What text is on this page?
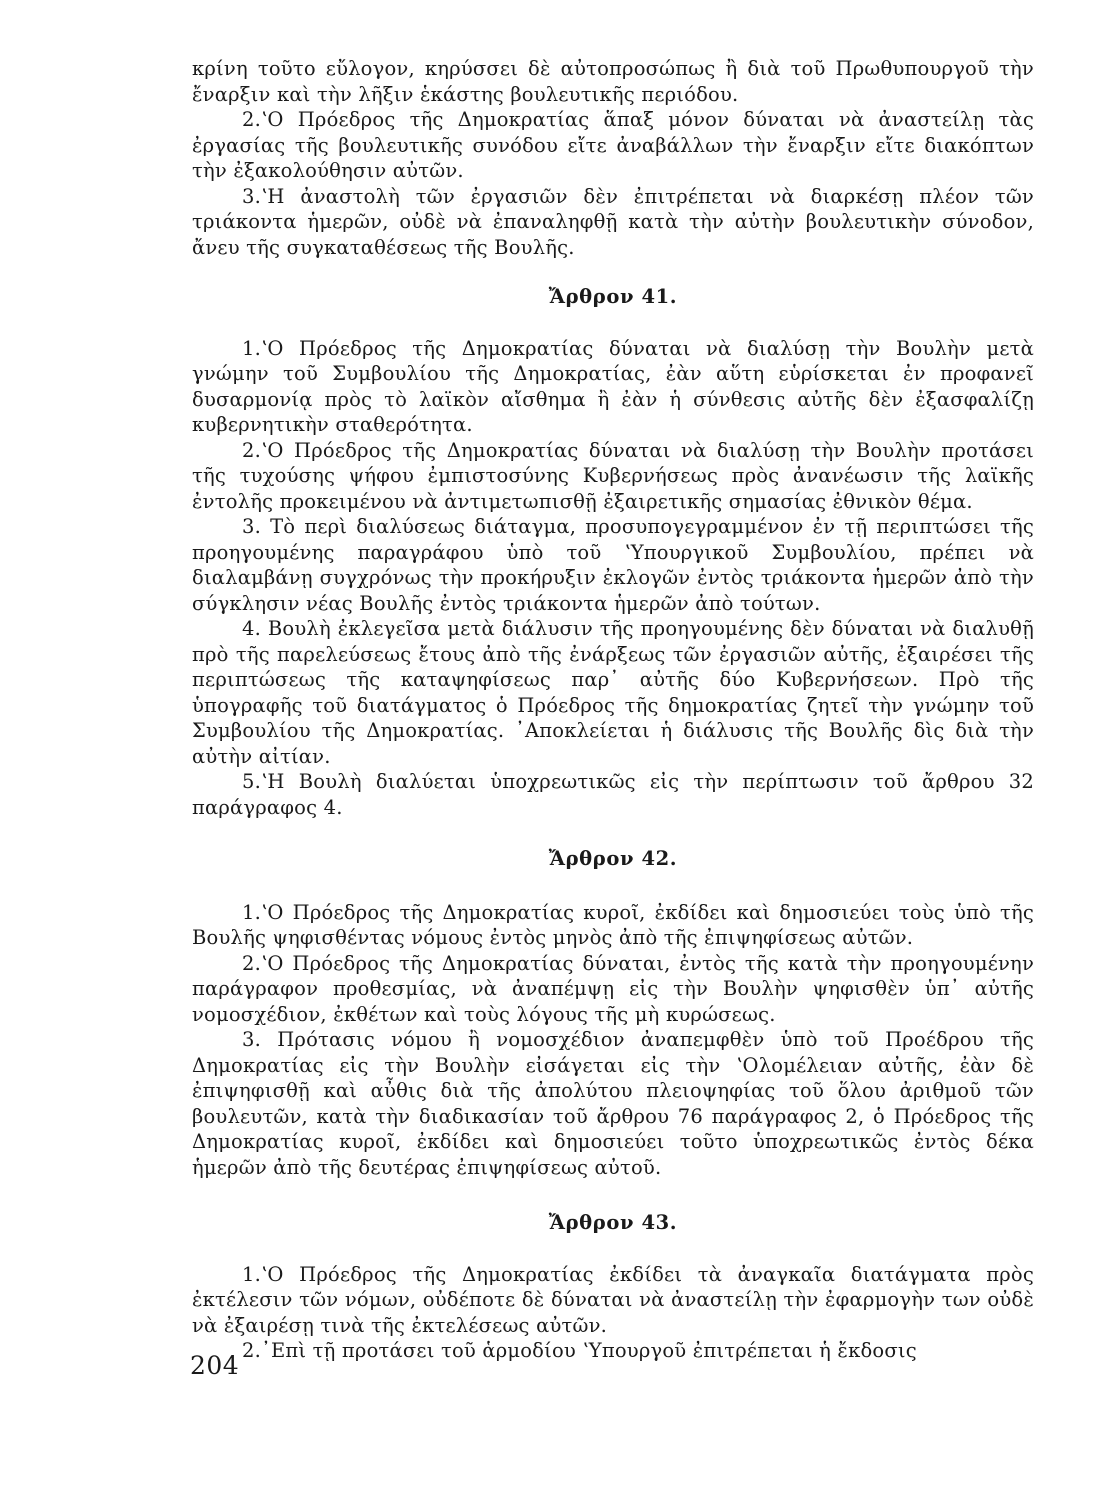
κρίνη τοῦτο εὔλογον, κηρύσσει δὲ αὐτοπροσώπως ἢ διὰ τοῦ Πρωθυπουργοῦ τὴν ἔναρξιν καὶ τὴν λῆξιν ἑκάστης βουλευτικῆς περιόδου.

2.ʽΟ Πρόεδρος τῆς Δημοκρατίας ἅπαξ μόνον δύναται νὰ ἀναστείλῃ τὰς ἐργασίας τῆς βουλευτικῆς συνόδου εἴτε ἀναβάλλων τὴν ἔναρξιν εἴτε διακόπτων τὴν ἐξακολούθησιν αὐτῶν.

3.ʽΗ ἀναστολὴ τῶν ἐργασιῶν δὲν ἐπιτρέπεται νὰ διαρκέσῃ πλέον τῶν τριάκοντα ἡμερῶν, οὐδὲ νὰ ἐπαναληφθῇ κατὰ τὴν αὐτὴν βουλευτικὴν σύνοδον, ἄνευ τῆς συγκαταθέσεως τῆς Βουλῆς.

Ἄρθρον 41.

1.ʽΟ Πρόεδρος τῆς Δημοκρατίας δύναται νὰ διαλύσῃ τὴν Βουλὴν μετὰ γνώμην τοῦ Συμβουλίου τῆς Δημοκρατίας, ἐὰν αὕτη εὑρίσκεται ἐν προφανεῖ δυσαρμονίᾳ πρὸς τὸ λαϊκὸν αἴσθημα ἢ ἐὰν ἡ σύνθεσις αὐτῆς δὲν ἐξασφαλίζῃ κυβερνητικὴν σταθερότητα.

2.ʽΟ Πρόεδρος τῆς Δημοκρατίας δύναται νὰ διαλύσῃ τὴν Βουλὴν προτάσει τῆς τυχούσης ψήφου ἐμπιστοσύνης Κυβερνήσεως πρὸς ἀνανέωσιν τῆς λαϊκῆς ἐντολῆς προκειμένου νὰ ἀντιμετωπισθῇ ἐξαιρετικῆς σημασίας ἐθνικὸν θέμα.

3. Τὸ περὶ διαλύσεως διάταγμα, προσυπογεγραμμένον ἐν τῇ περιπτώσει τῆς προηγουμένης παραγράφου ὑπὸ τοῦ ʽΥπουργικοῦ Συμβουλίου, πρέπει νὰ διαλαμβάνῃ συγχρόνως τὴν προκήρυξιν ἐκλογῶν ἐντὸς τριάκοντα ἡμερῶν ἀπὸ τὴν σύγκλησιν νέας Βουλῆς ἐντὸς τριάκοντα ἡμερῶν ἀπὸ τούτων.

4. Βουλὴ ἐκλεγεῖσα μετὰ διάλυσιν τῆς προηγουμένης δὲν δύναται νὰ διαλυθῇ πρὸ τῆς παρελεύσεως ἔτους ἀπὸ τῆς ἐνάρξεως τῶν ἐργασιῶν αὐτῆς, ἐξαιρέσει τῆς περιπτώσεως τῆς καταψηφίσεως παρ᾽ αὐτῆς δύο Κυβερνήσεων. Πρὸ τῆς ὑπογραφῆς τοῦ διατάγματος ὁ Πρόεδρος τῆς δημοκρατίας ζητεῖ τὴν γνώμην τοῦ Συμβουλίου τῆς Δημοκρατίας. ᾽Αποκλείεται ἡ διάλυσις τῆς Βουλῆς δὶς διὰ τὴν αὐτὴν αἰτίαν.

5.ʽΗ Βουλὴ διαλύεται ὑποχρεωτικῶς εἰς τὴν περίπτωσιν τοῦ ἄρθρου 32 παράγραφος 4.

Ἄρθρον 42.

1.ʽΟ Πρόεδρος τῆς Δημοκρατίας κυροῖ, ἐκδίδει καὶ δημοσιεύει τοὺς ὑπὸ τῆς Βουλῆς ψηφισθέντας νόμους ἐντὸς μηνὸς ἀπὸ τῆς ἐπιψηφίσεως αὐτῶν.

2.ʽΟ Πρόεδρος τῆς Δημοκρατίας δύναται, ἐντὸς τῆς κατὰ τὴν προηγουμένην παράγραφον προθεσμίας, νὰ ἀναπέμψῃ εἰς τὴν Βουλὴν ψηφισθὲν ὑπ᾽ αὐτῆς νομοσχέδιον, ἐκθέτων καὶ τοὺς λόγους τῆς μὴ κυρώσεως.

3. Πρότασις νόμου ἢ νομοσχέδιον ἀναπεμφθὲν ὑπὸ τοῦ Προέδρου τῆς Δημοκρατίας εἰς τὴν Βουλὴν εἰσάγεται εἰς τὴν ʽΟλομέλειαν αὐτῆς, ἐὰν δὲ ἐπιψηφισθῇ καὶ αὖθις διὰ τῆς ἀπολύτου πλειοψηφίας τοῦ ὅλου ἀριθμοῦ τῶν βουλευτῶν, κατὰ τὴν διαδικασίαν τοῦ ἄρθρου 76 παράγραφος 2, ὁ Πρόεδρος τῆς Δημοκρατίας κυροῖ, ἐκδίδει καὶ δημοσιεύει τοῦτο ὑποχρεωτικῶς ἐντὸς δέκα ἡμερῶν ἀπὸ τῆς δευτέρας ἐπιψηφίσεως αὐτοῦ.

Ἄρθρον 43.

1.ʽΟ Πρόεδρος τῆς Δημοκρατίας ἐκδίδει τὰ ἀναγκαῖα διατάγματα πρὸς ἐκτέλεσιν τῶν νόμων, οὐδέποτε δὲ δύναται νὰ ἀναστείλῃ τὴν ἐφαρμογὴν των οὐδὲ νὰ ἐξαιρέσῃ τινὰ τῆς ἐκτελέσεως αὐτῶν.

2.᾽Επὶ τῇ προτάσει τοῦ ἁρμοδίου ʽΥπουργοῦ ἐπιτρέπεται ἡ ἔκδοσις

204
